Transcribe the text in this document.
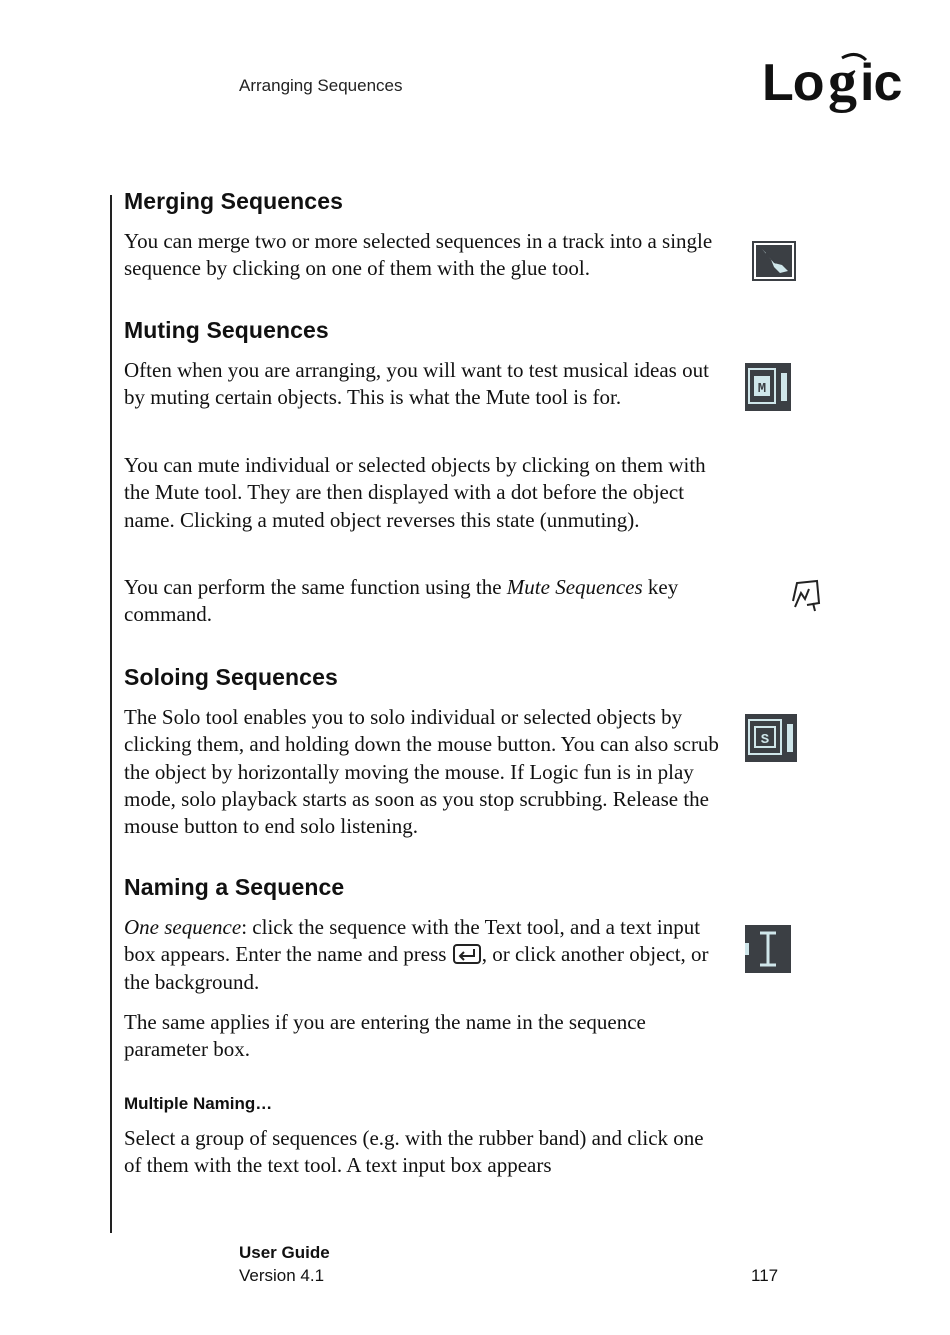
Arranging Sequences	Lo g ic
Merging Sequences

You can merge two or more selected sequences in a track into a single sequence by clicking on one of them with the glue tool.

Muting Sequences

Often when you are arranging, you will want to test musical ideas out by muting certain objects. This is what the Mute tool is for.

You can mute individual or selected objects by clicking on them with the Mute tool. They are then displayed with a dot before the object name. Clicking a muted object reverses this state (unmuting).

You can perform the same function using the Mute Sequences key command.

M
Soloing Sequences

The Solo tool enables you to solo individual or selected objects by clicking them, and holding down the mouse button. You can also scrub the object by horizontally moving the mouse. If Logic fun is in play mode, solo playback starts as soon as you stop scrubbing. Release the mouse button to end solo listening.

S
Naming a Sequence

One sequence: click the sequence with the Text tool, and a text input box appears. Enter the name and press
, or click another object, or the background.

The same applies if you are entering the name in the sequence parameter box.

Multiple Naming…

Select a group of sequences (e.g. with the rubber band) and click one of them with the text tool. A text input box appears

User Guide
Version 4.1	117
